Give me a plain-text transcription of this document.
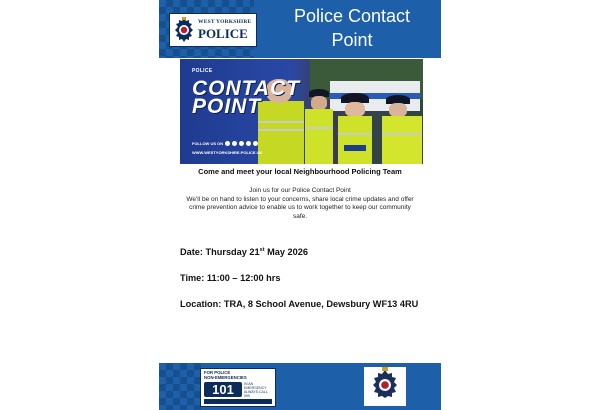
WEST YORKSHIRE
POLICE
Police Contact
Point
POLICE
CONTACT
POINT
FOLLOW US ON
WWW.WESTYORKSHIRE.POLICE.UK
Come and meet your local Neighbourhood Policing Team

Join us for our Police Contact Point

We'll be on hand to listen to your concerns, share local crime updates and offer crime prevention advice to enable us to work together to keep our community safe.

Date: Thursday 21st May 2026
Time: 11:00 – 12:00 hrs
Location: TRA, 8 School Avenue, Dewsbury WF13 4RU
FOR POLICE
NON-EMERGENCIES
101	IN AN EMERGENCY ALWAYS CALL 999
